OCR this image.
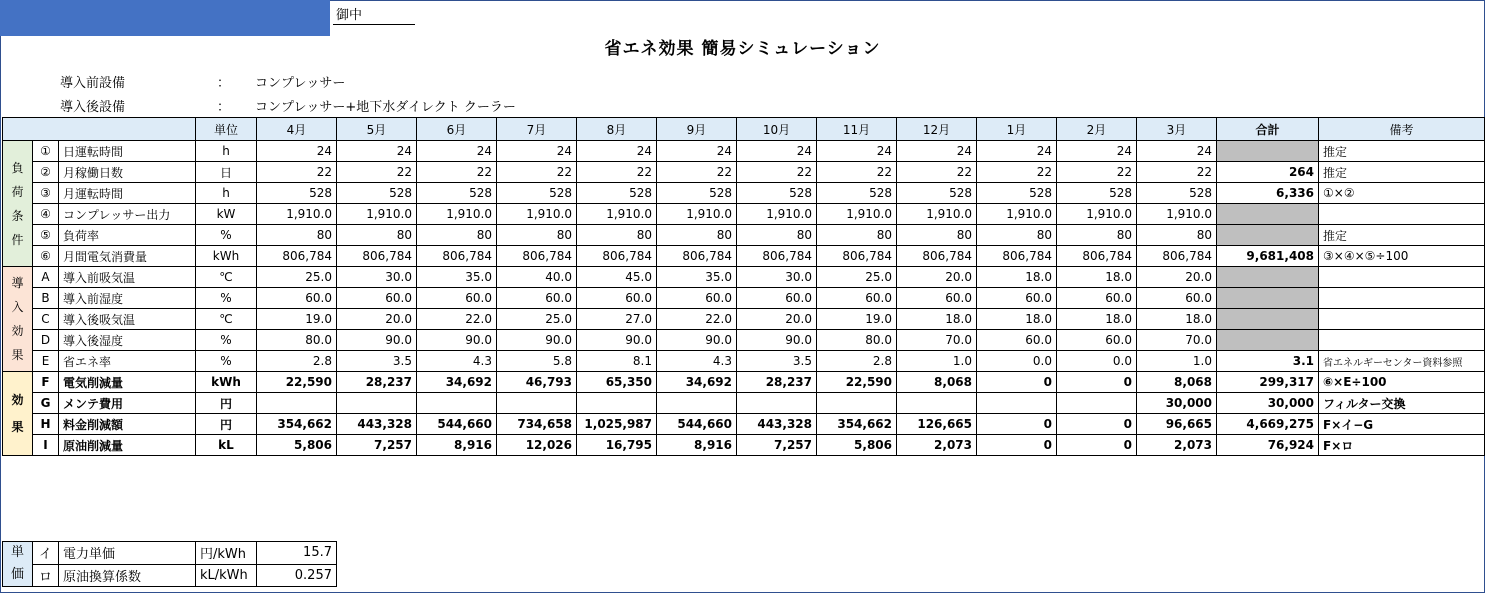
御中
省エネ効果 簡易シミュレーション
導入前設備	： コンプレッサー
導入後設備	： コンプレッサー+地下水ダイレクト クーラー
			単位	4月	5月	6月	7月	8月	9月	10月	11月	12月	1月	2月	3月	合計	備考
負
荷
条
件	①	日運転時間	h	24	24	24	24	24	24	24	24	24	24	24	24		推定
	②	月稼働日数	日	22	22	22	22	22	22	22	22	22	22	22	22	264	推定
	③	月運転時間	h	528	528	528	528	528	528	528	528	528	528	528	528	6,336	①×②
	④	コンプレッサー出力	kW	1,910.0	1,910.0	1,910.0	1,910.0	1,910.0	1,910.0	1,910.0	1,910.0	1,910.0	1,910.0	1,910.0	1,910.0		
	⑤	負荷率	%	80	80	80	80	80	80	80	80	80	80	80	80		推定
	⑥	月間電気消費量	kWh	806,784	806,784	806,784	806,784	806,784	806,784	806,784	806,784	806,784	806,784	806,784	806,784	9,681,408	③×④×⑤÷100
導
入
効
果	A	導入前吸気温	℃	25.0	30.0	35.0	40.0	45.0	35.0	30.0	25.0	20.0	18.0	18.0	20.0		
	B	導入前湿度	%	60.0	60.0	60.0	60.0	60.0	60.0	60.0	60.0	60.0	60.0	60.0	60.0		
	C	導入後吸気温	℃	19.0	20.0	22.0	25.0	27.0	22.0	20.0	19.0	18.0	18.0	18.0	18.0		
	D	導入後湿度	%	80.0	90.0	90.0	90.0	90.0	90.0	90.0	80.0	70.0	60.0	60.0	70.0		
	E	省エネ率	%	2.8	3.5	4.3	5.8	8.1	4.3	3.5	2.8	1.0	0.0	0.0	1.0	3.1	省エネルギーセンター資料参照
効
果	F	電気削減量	kWh	22,590	28,237	34,692	46,793	65,350	34,692	28,237	22,590	8,068	0	0	8,068	299,317	⑥×E÷100
	G	メンテ費用	円												30,000	30,000	フィルター交換
	H	料金削減額	円	354,662	443,328	544,660	734,658	1,025,987	544,660	443,328	354,662	126,665	0	0	96,665	4,669,275	F×イ−G
	I	原油削減量	kL	5,806	7,257	8,916	12,026	16,795	8,916	7,257	5,806	2,073	0	0	2,073	76,924	F×ロ
単
価	イ	電力単価	円/kWh	15.7
	ロ	原油換算係数	kL/kWh	0.257
